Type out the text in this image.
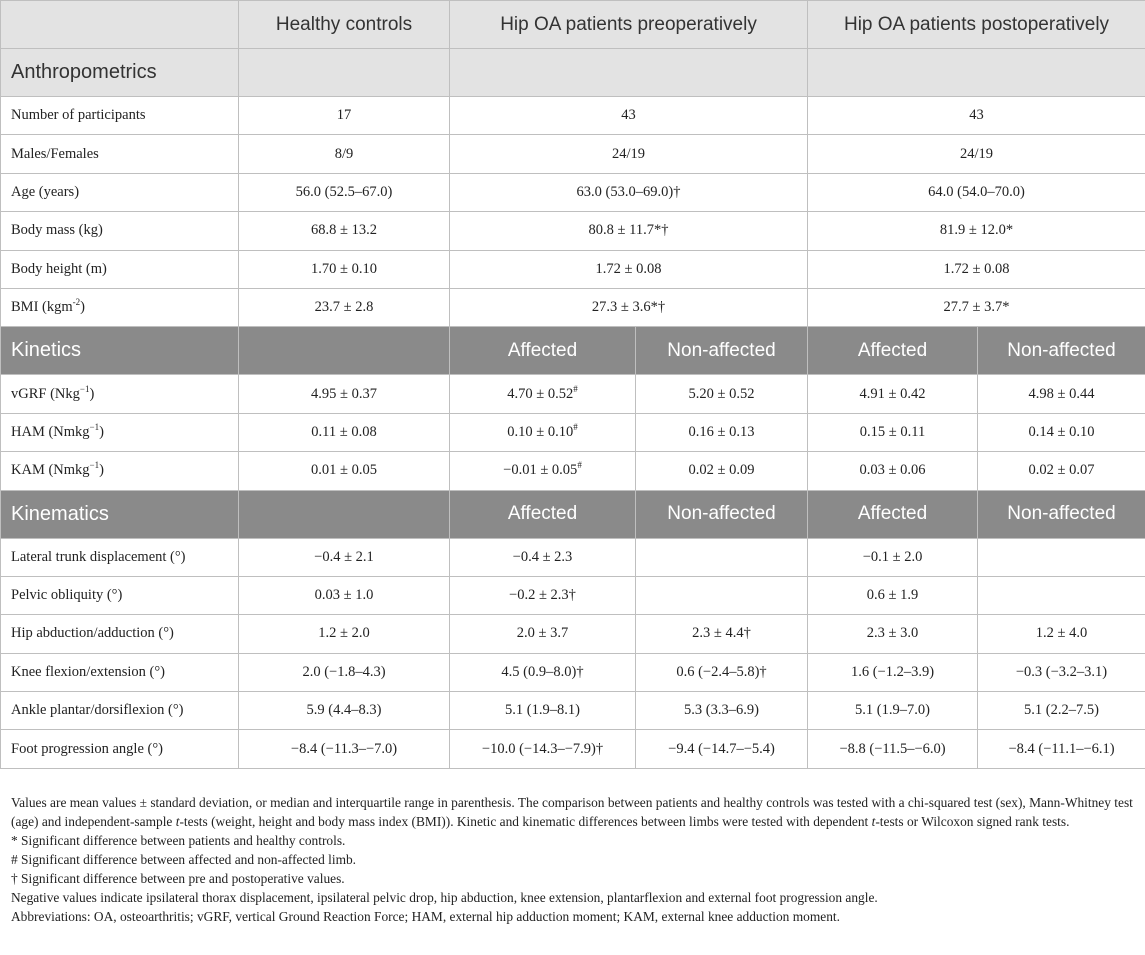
	Healthy controls	Hip OA patients preoperatively		Hip OA patients postoperatively	
Anthropometrics					
Number of participants	17	43		43	
Males/Females	8/9	24/19		24/19	
Age (years)	56.0 (52.5–67.0)	63.0 (53.0–69.0)†		64.0 (54.0–70.0)	
Body mass (kg)	68.8 ± 13.2	80.8 ± 11.7*†		81.9 ± 12.0*	
Body height (m)	1.70 ± 0.10	1.72 ± 0.08		1.72 ± 0.08	
BMI (kgm$^{-2}$)	23.7 ± 2.8	27.3 ± 3.6*†		27.7 ± 3.7*	
Kinetics		Affected	Non-affected	Affected	Non-affected
vGRF (Nkg$^{-1}$)	4.95 ± 0.37	4.70 ± 0.52#	5.20 ± 0.52	4.91 ± 0.42	4.98 ± 0.44
HAM (Nmkg$^{-1}$)	0.11 ± 0.08	0.10 ± 0.10#	0.16 ± 0.13	0.15 ± 0.11	0.14 ± 0.10
KAM (Nmkg$^{-1}$)	0.01 ± 0.05	−0.01 ± 0.05#	0.02 ± 0.09	0.03 ± 0.06	0.02 ± 0.07
Kinematics		Affected	Non-affected	Affected	Non-affected
Lateral trunk displacement (°)	−0.4 ± 2.1	−0.4 ± 2.3		−0.1 ± 2.0	
Pelvic obliquity (°)	0.03 ± 1.0	−0.2 ± 2.3†		0.6 ± 1.9	
Hip abduction/adduction (°)	1.2 ± 2.0	2.0 ± 3.7	2.3 ± 4.4†	2.3 ± 3.0	1.2 ± 4.0
Knee flexion/extension (°)	2.0 (−1.8–4.3)	4.5 (0.9–8.0)†	0.6 (−2.4–5.8)†	1.6 (−1.2–3.9)	−0.3 (−3.2–3.1)
Ankle plantar/dorsiflexion (°)	5.9 (4.4–8.3)	5.1 (1.9–8.1)	5.3 (3.3–6.9)	5.1 (1.9–7.0)	5.1 (2.2–7.5)
Foot progression angle (°)	−8.4 (−11.3–−7.0)	−10.0 (−14.3–−7.9)†	−9.4 (−14.7–−5.4)	−8.8 (−11.5–−6.0)	−8.4 (−11.1–−6.1)

Values are mean values ± standard deviation, or median and interquartile range in parenthesis. The comparison between patients and healthy controls was tested with a chi-squared test (sex), Mann-Whitney test (age) and independent-sample t-tests (weight, height and body mass index (BMI)). Kinetic and kinematic differences between limbs were tested with dependent t-tests or Wilcoxon signed rank tests.

* Significant difference between patients and healthy controls.

# Significant difference between affected and non-affected limb.

† Significant difference between pre and postoperative values.

Negative values indicate ipsilateral thorax displacement, ipsilateral pelvic drop, hip abduction, knee extension, plantarflexion and external foot progression angle.

Abbreviations: OA, osteoarthritis; vGRF, vertical Ground Reaction Force; HAM, external hip adduction moment; KAM, external knee adduction moment.
